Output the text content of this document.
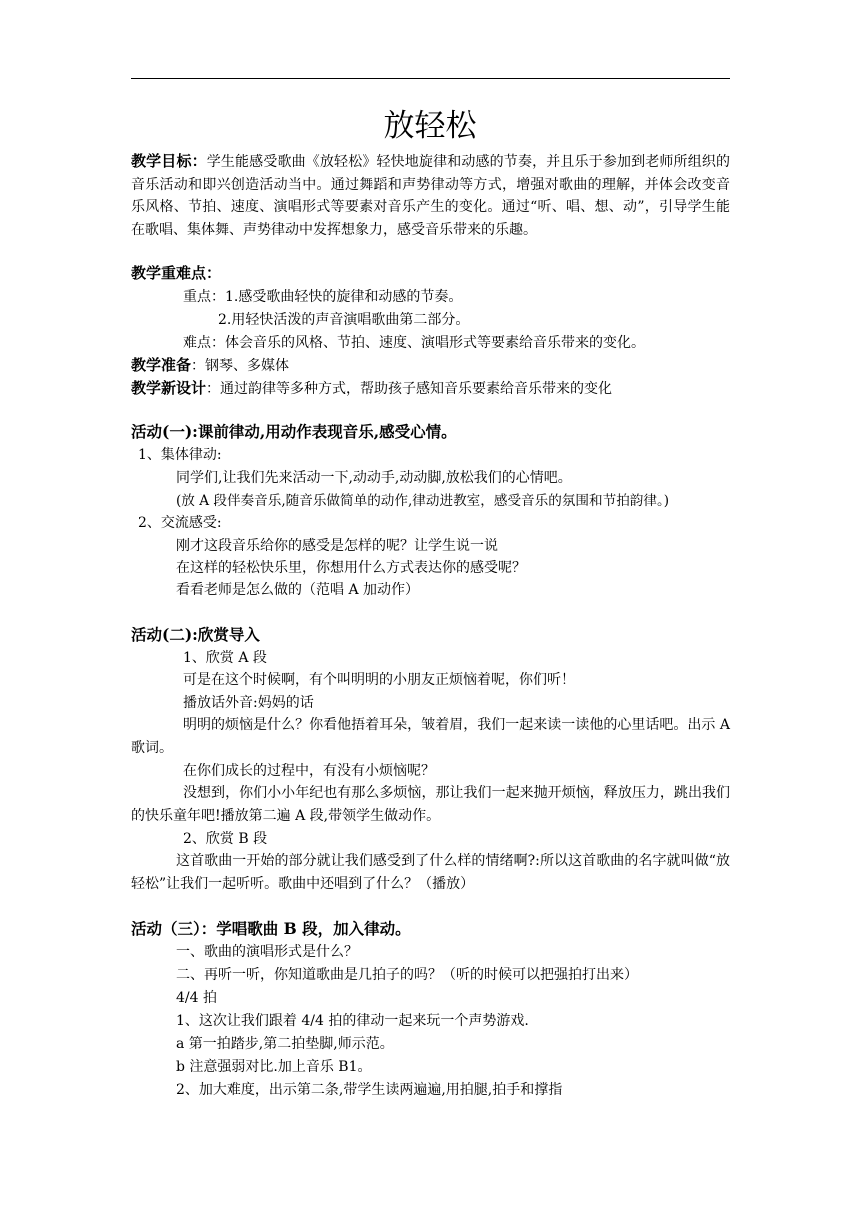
放轻松
教学目标：学生能感受歌曲《放轻松》轻快地旋律和动感的节奏，并且乐于参加到老师所组织的音乐活动和即兴创造活动当中。通过舞蹈和声势律动等方式，增强对歌曲的理解，并体会改变音乐风格、节拍、速度、演唱形式等要素对音乐产生的变化。通过“听、唱、想、动”，引导学生能在歌唱、集体舞、声势律动中发挥想象力，感受音乐带来的乐趣。
教学重难点：
重点：1.感受歌曲轻快的旋律和动感的节奏。
2.用轻快活泼的声音演唱歌曲第二部分。
难点：体会音乐的风格、节拍、速度、演唱形式等要素给音乐带来的变化。
教学准备：钢琴、多媒体
教学新设计：通过韵律等多种方式，帮助孩子感知音乐要素给音乐带来的变化
活动(一):课前律动,用动作表现音乐,感受心情。
1、集体律动:
同学们,让我们先来活动一下,动动手,动动脚,放松我们的心情吧。
(放 A 段伴奏音乐,随音乐做简单的动作,律动进教室，感受音乐的氛围和节拍韵律。)
2、交流感受:
刚才这段音乐给你的感受是怎样的呢？让学生说一说
在这样的轻松快乐里，你想用什么方式表达你的感受呢？
看看老师是怎么做的（范唱 A 加动作）
活动(二):欣赏导入
1、欣赏 A 段
可是在这个时候啊，有个叫明明的小朋友正烦恼着呢，你们听！
播放话外音:妈妈的话
明明的烦恼是什么？你看他捂着耳朵，皱着眉，我们一起来读一读他的心里话吧。出示 A 歌词。
在你们成长的过程中，有没有小烦恼呢？
没想到，你们小小年纪也有那么多烦恼，那让我们一起来抛开烦恼，释放压力，跳出我们的快乐童年吧!播放第二遍 A 段,带领学生做动作。
2、欣赏 B 段
这首歌曲一开始的部分就让我们感受到了什么样的情绪啊?:所以这首歌曲的名字就叫做“放轻松”让我们一起听听。歌曲中还唱到了什么？（播放）
活动（三）：学唱歌曲 B 段，加入律动。
一、歌曲的演唱形式是什么？
二、再听一听，你知道歌曲是几拍子的吗？（听的时候可以把强拍打出来）
4/4 拍
1、这次让我们跟着 4/4 拍的律动一起来玩一个声势游戏.
a 第一拍踏步,第二拍垫脚,师示范。
b 注意强弱对比.加上音乐 B1。
2、加大难度，出示第二条,带学生读两遍遍,用拍腿,拍手和撑指
